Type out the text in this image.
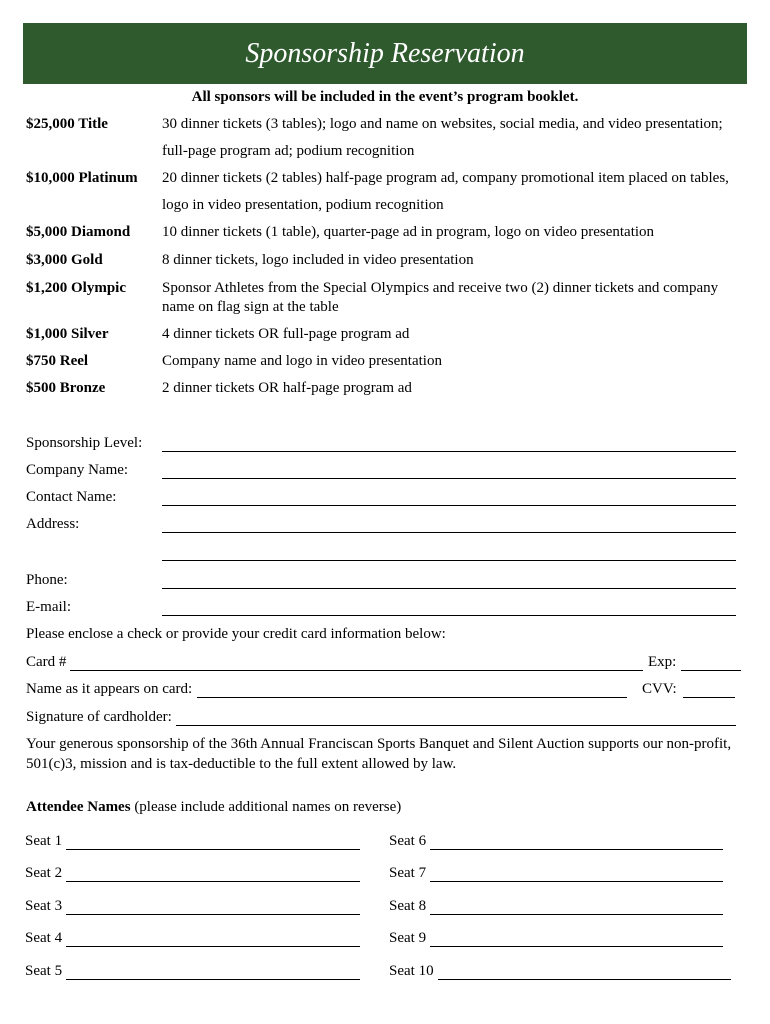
Sponsorship Reservation
All sponsors will be included in the event’s program booklet.
$25,000 Title	30 dinner tickets (3 tables); logo and name on websites, social media, and video presentation;
full-page program ad; podium recognition
$10,000 Platinum 20 dinner tickets (2 tables) half-page program ad, company promotional item placed on tables,
logo in video presentation, podium recognition
$5,000 Diamond 10 dinner tickets (1 table), quarter-page ad in program, logo on video presentation
$3,000 Gold	8 dinner tickets, logo included in video presentation
$1,200 Olympic Sponsor Athletes from the Special Olympics and receive two (2) dinner tickets and company
name on flag sign at the table
$1,000 Silver	4 dinner tickets OR full-page program ad
$750 Reel	Company name and logo in video presentation
$500 Bronze	2 dinner tickets OR half-page program ad
Sponsorship Level:
Company Name:
Contact Name:
Address:
Phone:
E-mail:
Please enclose a check or provide your credit card information below:
Card #	Exp:
Name as it appears on card:	CVV:
Signature of cardholder:
Your generous sponsorship of the 36th Annual Franciscan Sports Banquet and Silent Auction supports our non-profit,
501(c)3, mission and is tax-deductible to the full extent allowed by law.
Attendee Names (please include additional names on reverse)
Seat 1
Seat 2
Seat 3
Seat 4
Seat 5
Seat 6
Seat 7
Seat 8
Seat 9
Seat 10
